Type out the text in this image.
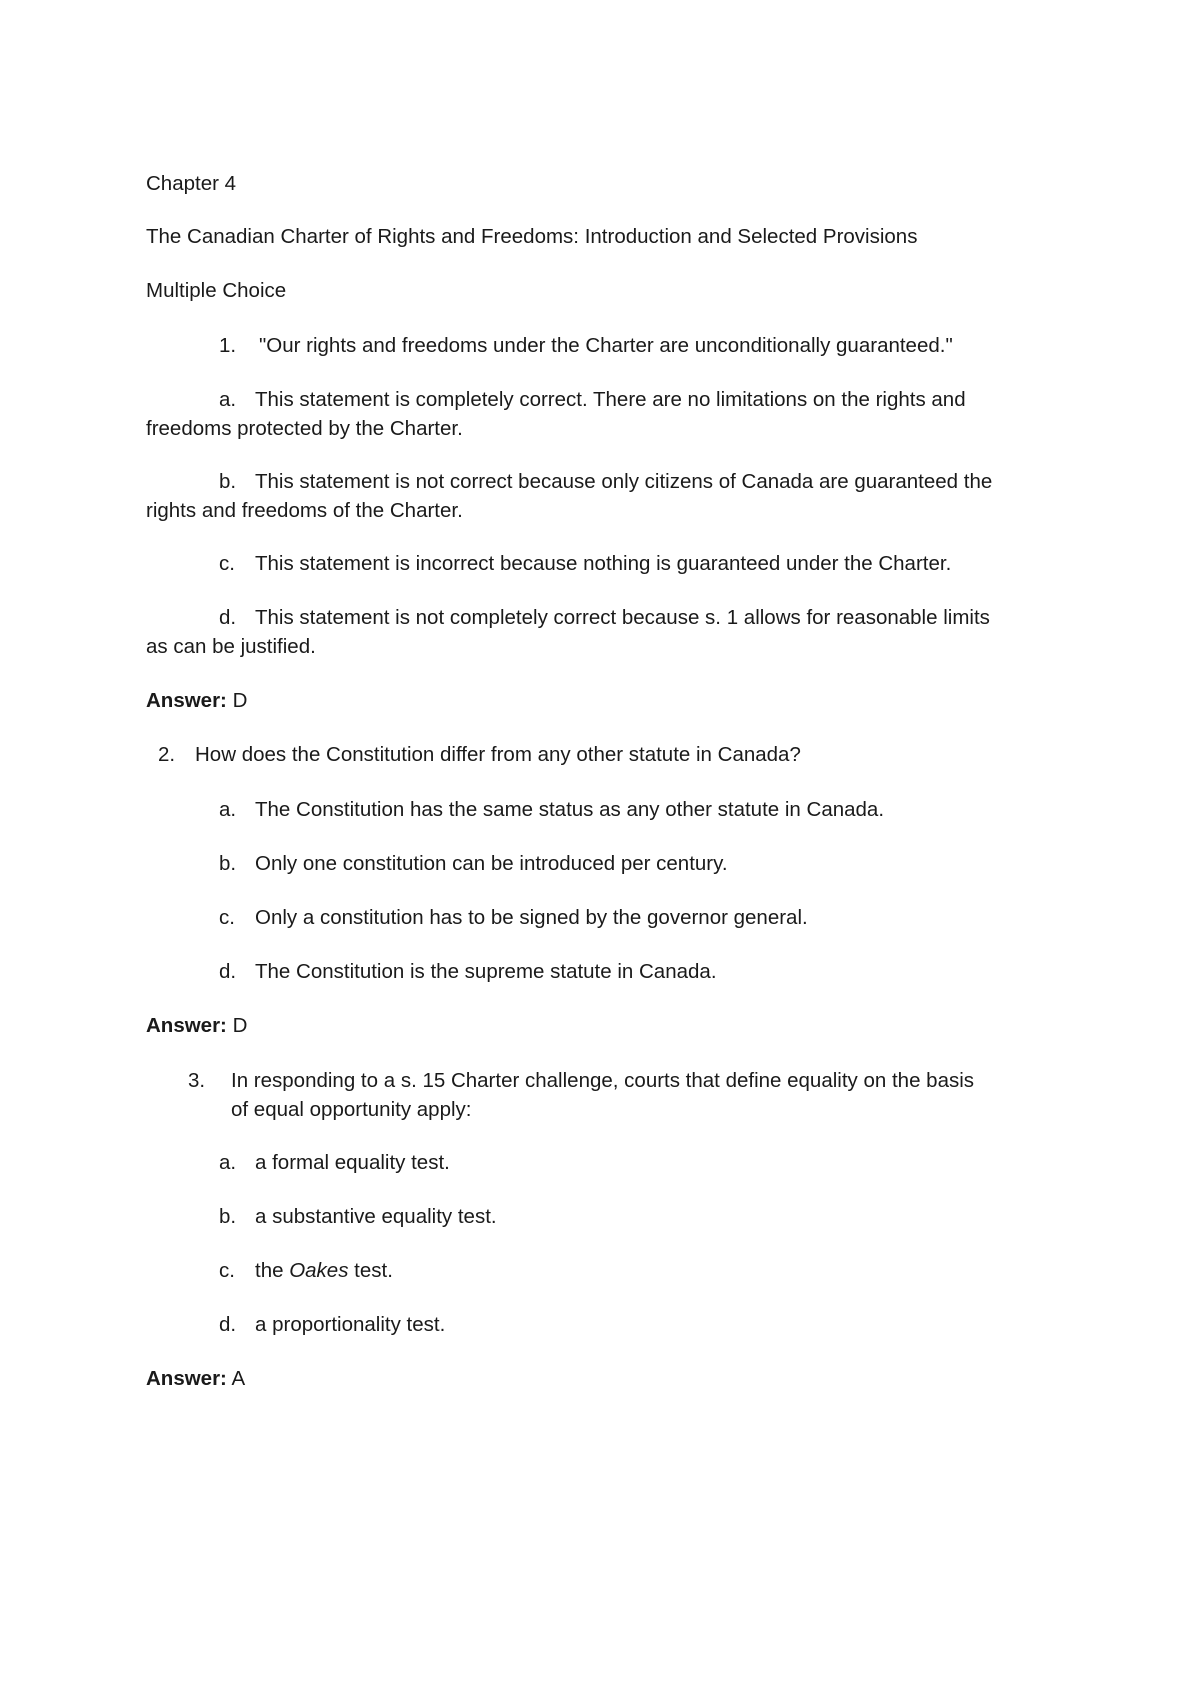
Chapter 4
The Canadian Charter of Rights and Freedoms: Introduction and Selected Provisions
Multiple Choice
1. "Our rights and freedoms under the Charter are unconditionally guaranteed."
a. This statement is completely correct. There are no limitations on the rights and
freedoms protected by the Charter.
b. This statement is not correct because only citizens of Canada are guaranteed the
rights and freedoms of the Charter.
c. This statement is incorrect because nothing is guaranteed under the Charter.
d. This statement is not completely correct because s. 1 allows for reasonable limits
as can be justified.
Answer: D
2. How does the Constitution differ from any other statute in Canada?
a. The Constitution has the same status as any other statute in Canada.
b. Only one constitution can be introduced per century.
c. Only a constitution has to be signed by the governor general.
d. The Constitution is the supreme statute in Canada.
Answer: D
3. In responding to a s. 15 Charter challenge, courts that define equality on the basis
of equal opportunity apply:
a. a formal equality test.
b. a substantive equality test.
c. the Oakes test.
d. a proportionality test.
Answer: A
